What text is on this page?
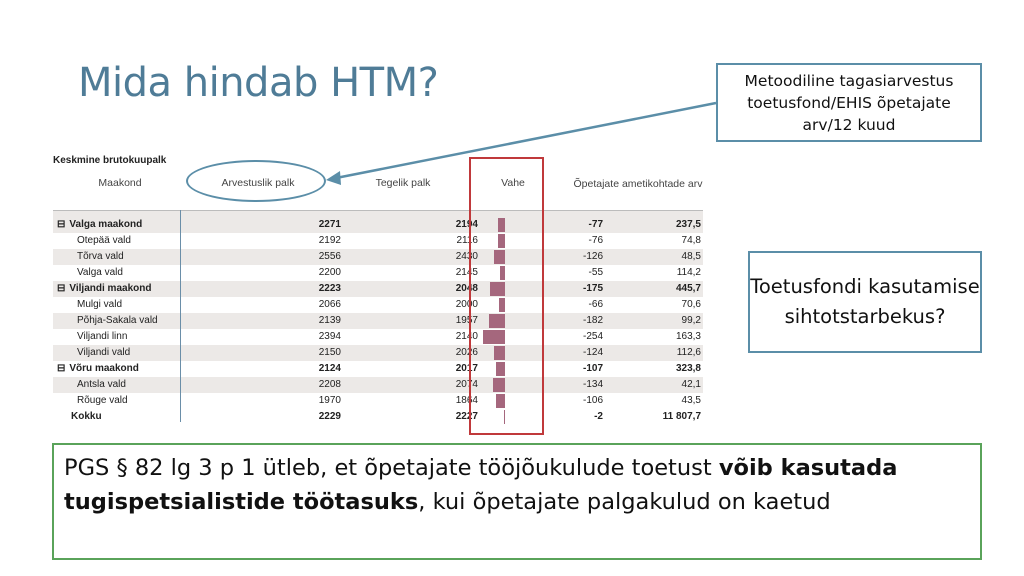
Mida hindab HTM?	Metoodiline tagasiarvestus toetusfond/EHIS õpetajate arv/12 kuud
Keskmine brutokuupalk
Maakond	Arvestuslik palk	Tegelik palk	Vahe	Õpetajate ametikohtade arv
⊟ Valga maakond	2271	2194	-77	237,5
Otepää vald	2192	2116	-76	74,8
Tõrva vald	2556	2430	-126	48,5
Valga vald	2200	2145	-55	114,2
⊟ Viljandi maakond	2223	2048	-175	445,7
Mulgi vald	2066	2000	-66	70,6
Põhja-Sakala vald	2139	1957	-182	99,2
Viljandi linn	2394	2140	-254	163,3
Viljandi vald	2150	2026	-124	112,6
⊟ Võru maakond	2124	2017	-107	323,8
Antsla vald	2208	2074	-134	42,1
Rõuge vald	1970	1864	-106	43,5
Kokku	2229	2227	-2	11 807,7
Toetusfondi kasutamise sihtotstarbekus?
PGS § 82 lg 3 p 1 ütleb, et õpetajate tööjõukulude toetust võib kasutada tugispetsialistide töötasuks, kui õpetajate palgakulud on kaetud
